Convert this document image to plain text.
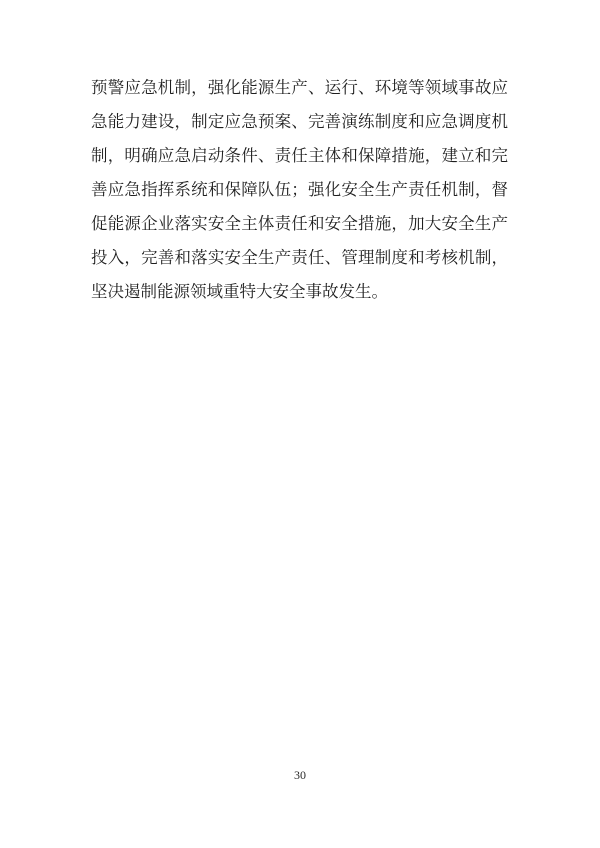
预警应急机制，强化能源生产、运行、环境等领域事故应
急能力建设，制定应急预案、完善演练制度和应急调度机
制，明确应急启动条件、责任主体和保障措施，建立和完
善应急指挥系统和保障队伍；强化安全生产责任机制，督
促能源企业落实安全主体责任和安全措施，加大安全生产
投入，完善和落实安全生产责任、管理制度和考核机制，
坚决遏制能源领域重特大安全事故发生。
30
